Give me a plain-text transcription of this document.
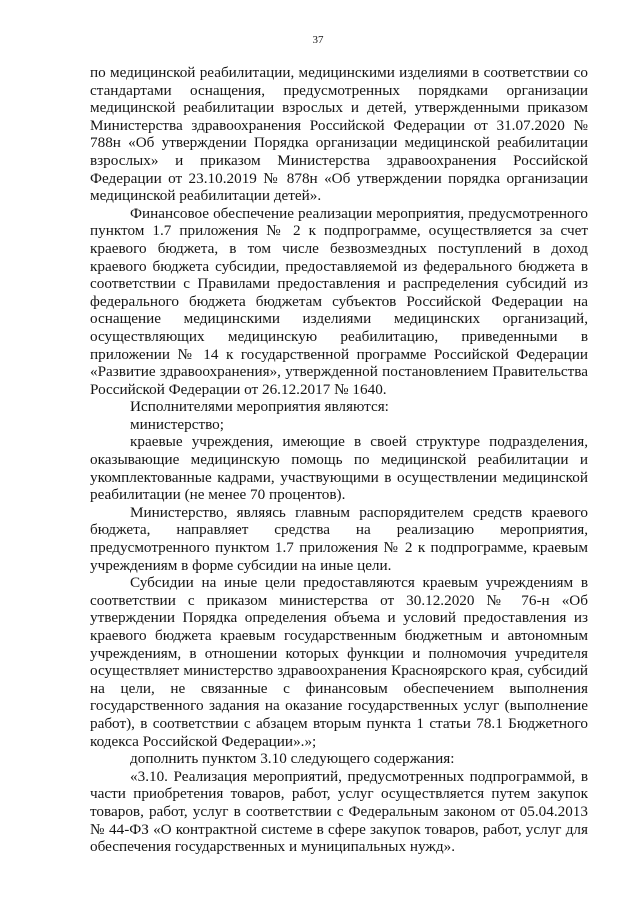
37

по медицинской реабилитации, медицинскими изделиями в соответствии со стандартами оснащения, предусмотренных порядками организации медицинской реабилитации взрослых и детей, утвержденными приказом Министерства здравоохранения Российской Федерации от 31.07.2020 № 788н «Об утверждении Порядка организации медицинской реабилитации взрослых» и приказом Министерства здравоохранения Российской Федерации от 23.10.2019 № 878н «Об утверждении порядка организации медицинской реабилитации детей».

Финансовое обеспечение реализации мероприятия, предусмотренного пунктом 1.7 приложения № 2 к подпрограмме, осуществляется за счет краевого бюджета, в том числе безвозмездных поступлений в доход краевого бюджета субсидии, предоставляемой из федерального бюджета в соответствии с Правилами предоставления и распределения субсидий из федерального бюджета бюджетам субъектов Российской Федерации на оснащение медицинскими изделиями медицинских организаций, осуществляющих медицинскую реабилитацию, приведенными в приложении № 14 к государственной программе Российской Федерации «Развитие здравоохранения», утвержденной постановлением Правительства Российской Федерации от 26.12.2017 № 1640.

Исполнителями мероприятия являются:

министерство;

краевые учреждения, имеющие в своей структуре подразделения, оказывающие медицинскую помощь по медицинской реабилитации и укомплектованные кадрами, участвующими в осуществлении медицинской реабилитации (не менее 70 процентов).

Министерство, являясь главным распорядителем средств краевого бюджета, направляет средства на реализацию мероприятия, предусмотренного пунктом 1.7 приложения № 2 к подпрограмме, краевым учреждениям в форме субсидии на иные цели.

Субсидии на иные цели предоставляются краевым учреждениям в соответствии с приказом министерства от 30.12.2020 № 76-н «Об утверждении Порядка определения объема и условий предоставления из краевого бюджета краевым государственным бюджетным и автономным учреждениям, в отношении которых функции и полномочия учредителя осуществляет министерство здравоохранения Красноярского края, субсидий на цели, не связанные с финансовым обеспечением выполнения государственного задания на оказание государственных услуг (выполнение работ), в соответствии с абзацем вторым пункта 1 статьи 78.1 Бюджетного кодекса Российской Федерации».»;

дополнить пунктом 3.10 следующего содержания:

«3.10. Реализация мероприятий, предусмотренных подпрограммой, в части приобретения товаров, работ, услуг осуществляется путем закупок товаров, работ, услуг в соответствии с Федеральным законом от 05.04.2013 № 44-ФЗ «О контрактной системе в сфере закупок товаров, работ, услуг для обеспечения государственных и муниципальных нужд».
